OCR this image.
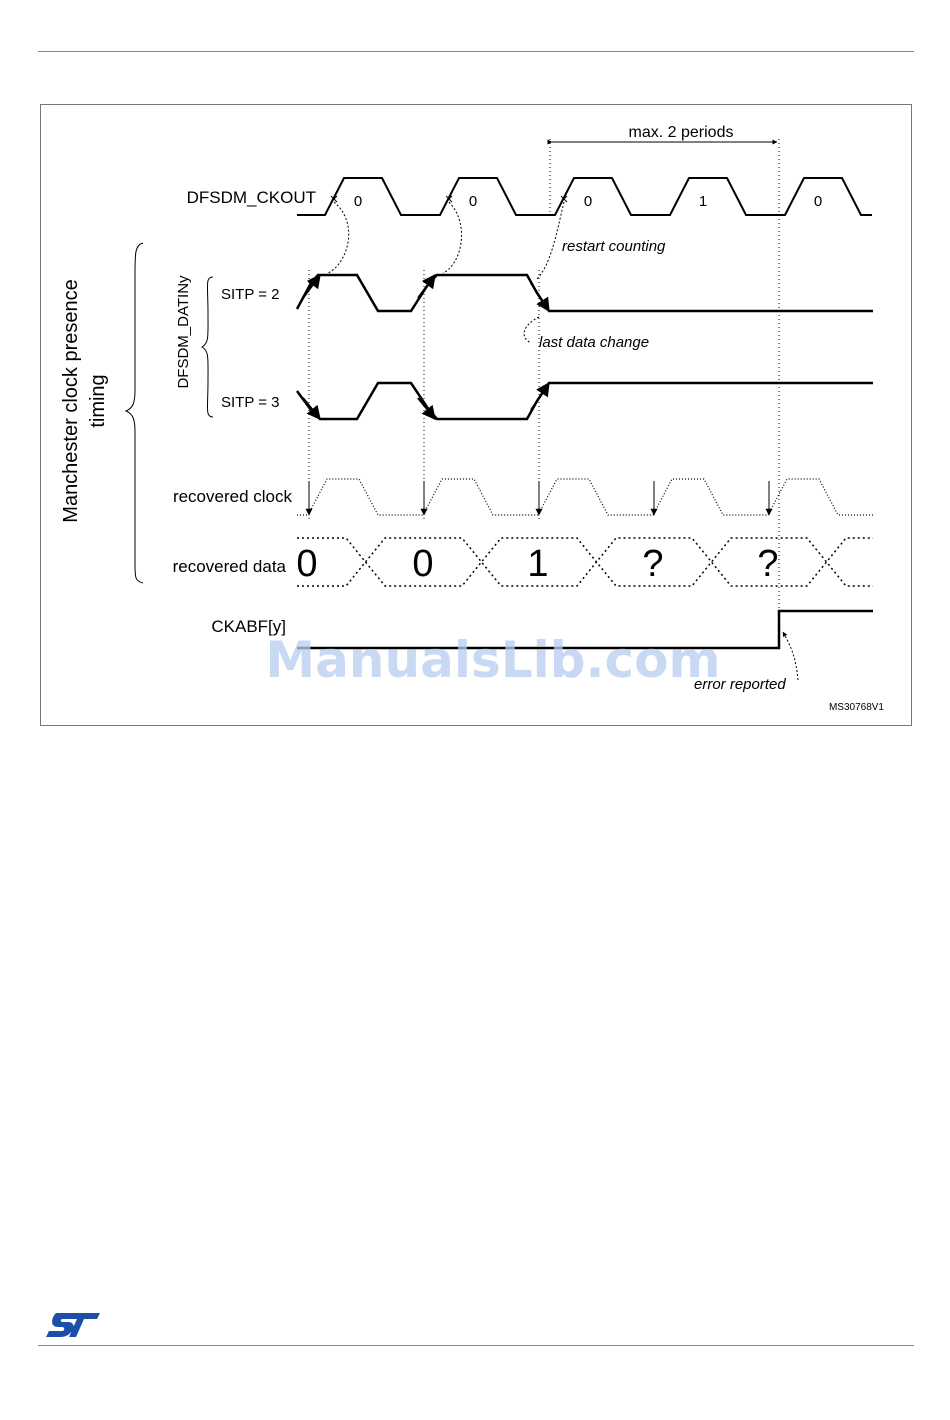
max. 2 periods
DFSDM_CKOUT	0	0	0	1	0
restart counting
DFSDM_DATINy SITP = 2
SITP = 3
last data change
recovered clock
recovered data 0 0 1 ? ?
Manchester clock presence timing
CKABF[y]
error reported
MS30768V1
ManualsLib.com
